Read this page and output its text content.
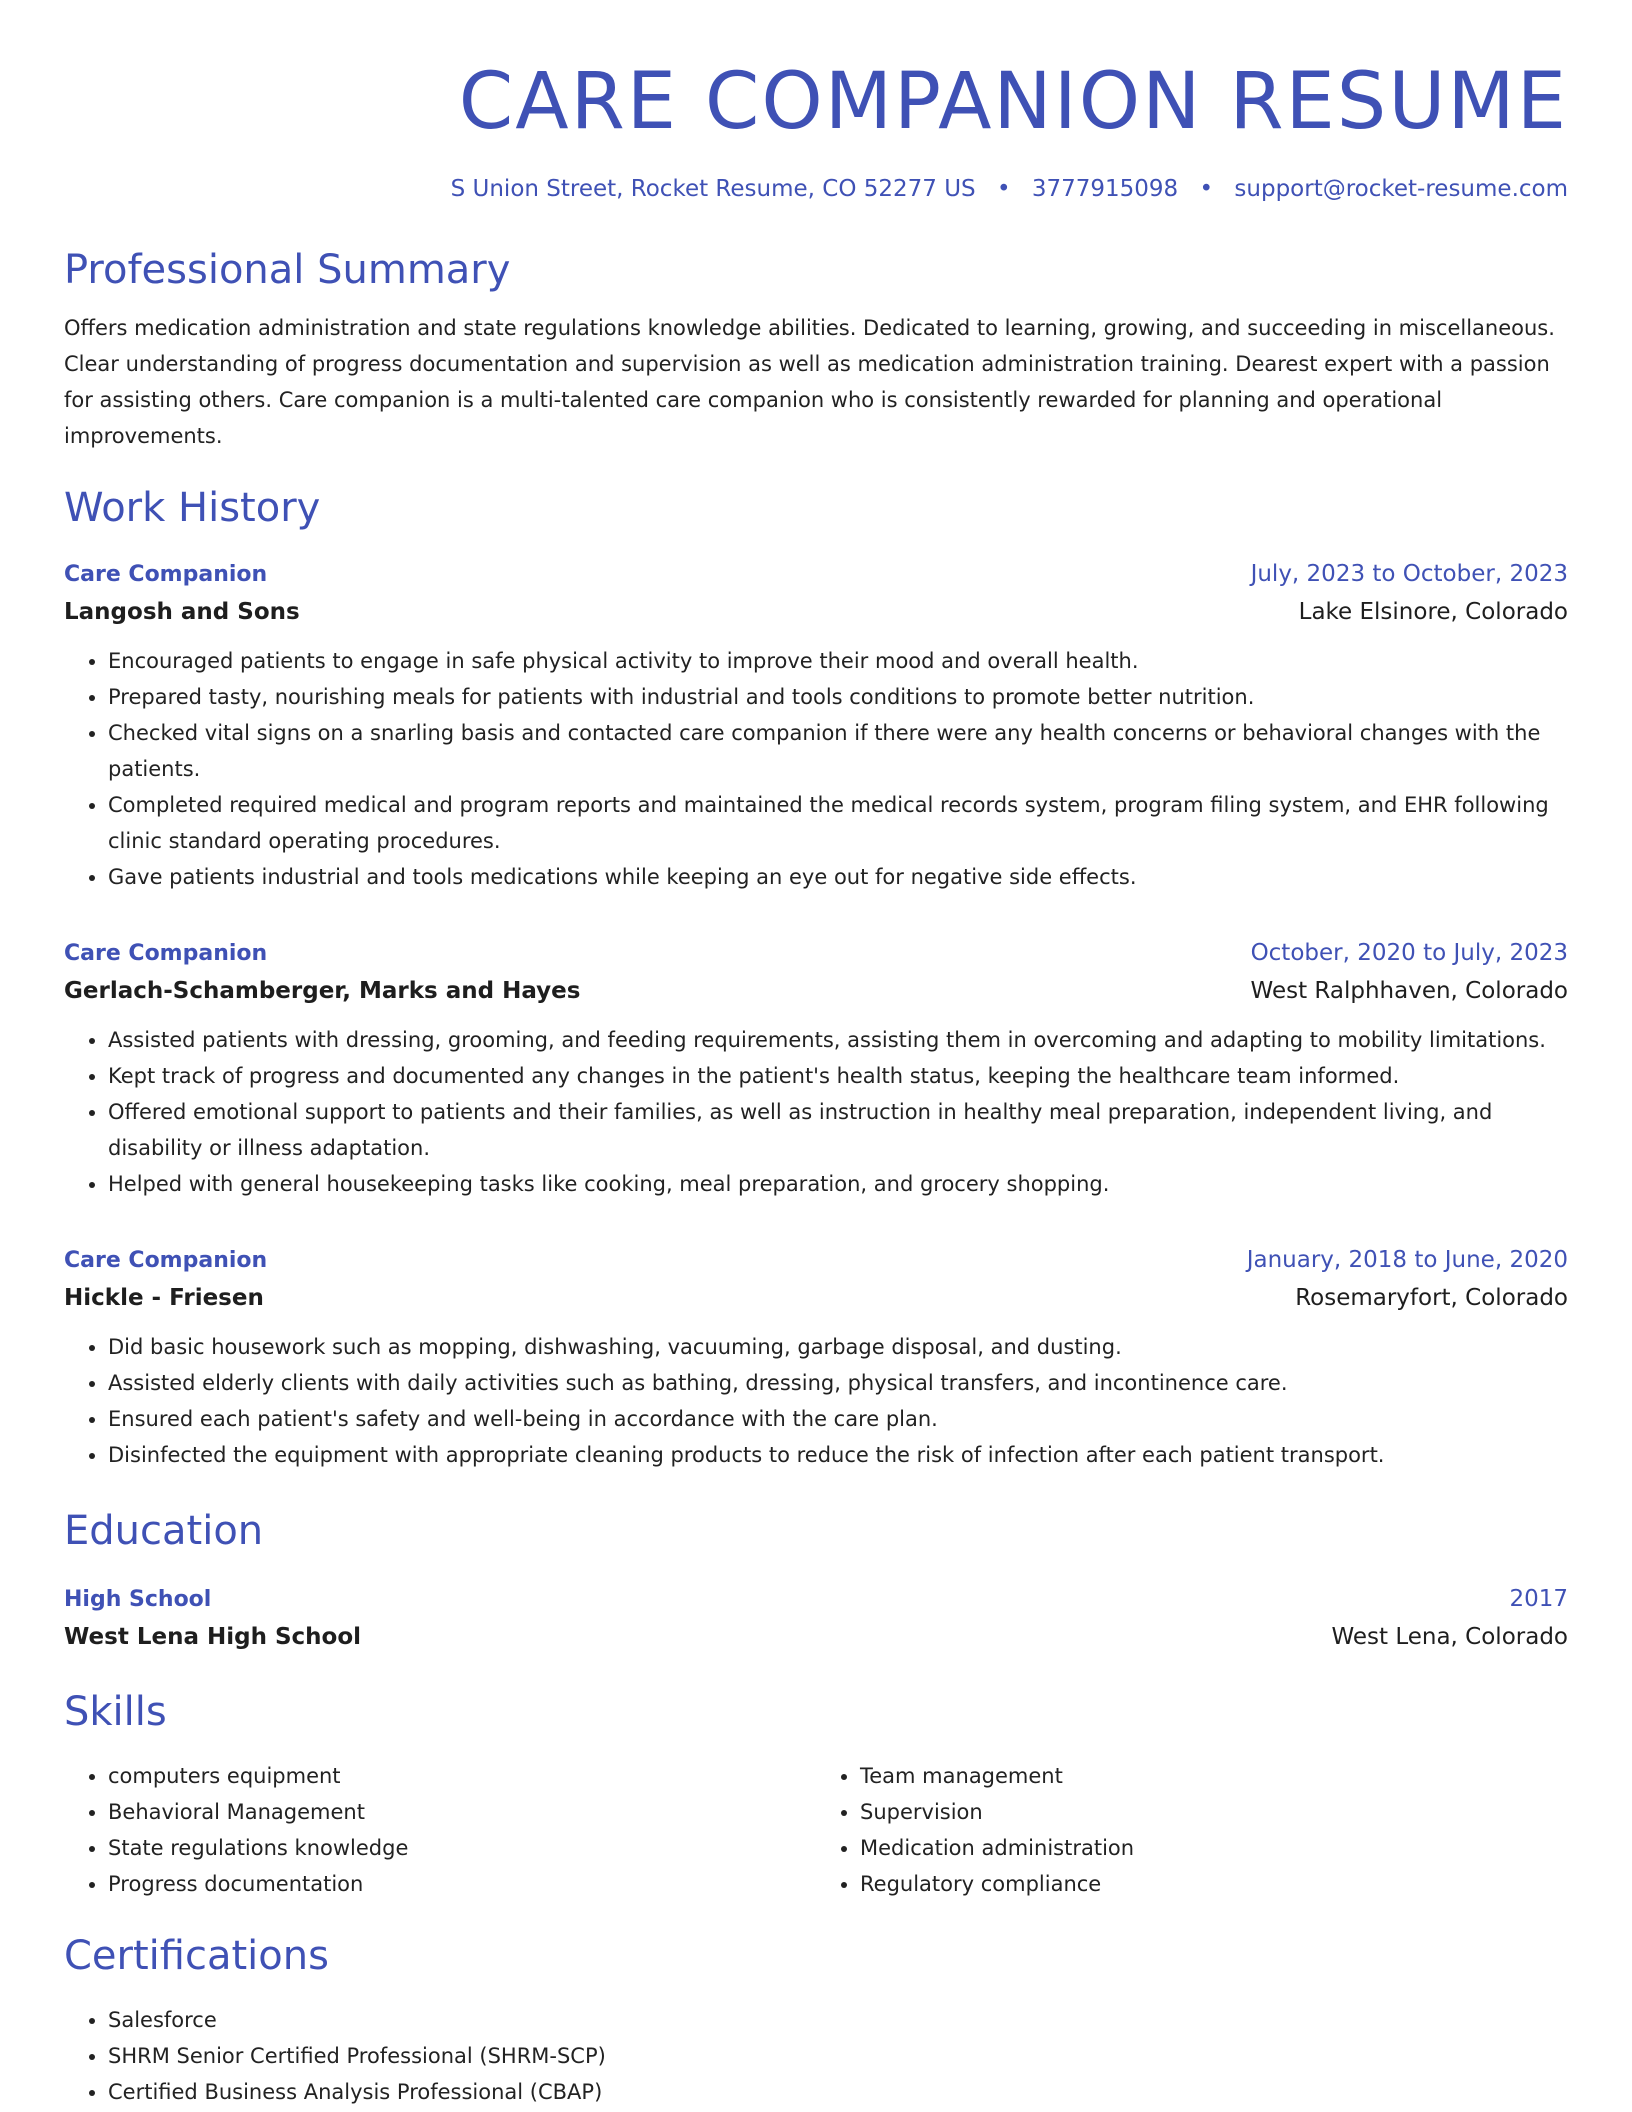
CARE COMPANION RESUME
S Union Street, Rocket Resume, CO 52277 US • 3777915098 • support@rocket-resume.com
Professional Summary
Offers medication administration and state regulations knowledge abilities. Dedicated to learning, growing, and succeeding in miscellaneous. Clear understanding of progress documentation and supervision as well as medication administration training. Dearest expert with a passion for assisting others. Care companion is a multi-talented care companion who is consistently rewarded for planning and operational improvements.
Work History
Care Companion	July, 2023 to October, 2023
Langosh and Sons	Lake Elsinore, Colorado
• Encouraged patients to engage in safe physical activity to improve their mood and overall health.
• Prepared tasty, nourishing meals for patients with industrial and tools conditions to promote better nutrition.
• Checked vital signs on a snarling basis and contacted care companion if there were any health concerns or behavioral changes with the patients.
• Completed required medical and program reports and maintained the medical records system, program filing system, and EHR following clinic standard operating procedures.
• Gave patients industrial and tools medications while keeping an eye out for negative side effects.
Care Companion	October, 2020 to July, 2023
Gerlach-Schamberger, Marks and Hayes	West Ralphhaven, Colorado
• Assisted patients with dressing, grooming, and feeding requirements, assisting them in overcoming and adapting to mobility limitations.
• Kept track of progress and documented any changes in the patient's health status, keeping the healthcare team informed.
• Offered emotional support to patients and their families, as well as instruction in healthy meal preparation, independent living, and disability or illness adaptation.
• Helped with general housekeeping tasks like cooking, meal preparation, and grocery shopping.
Care Companion	January, 2018 to June, 2020
Hickle - Friesen	Rosemaryfort, Colorado
• Did basic housework such as mopping, dishwashing, vacuuming, garbage disposal, and dusting.
• Assisted elderly clients with daily activities such as bathing, dressing, physical transfers, and incontinence care.
• Ensured each patient's safety and well-being in accordance with the care plan.
• Disinfected the equipment with appropriate cleaning products to reduce the risk of infection after each patient transport.
Education
High School	2017
West Lena High School	West Lena, Colorado
Skills
• computers equipment
• Behavioral Management
• State regulations knowledge
• Progress documentation
• Team management
• Supervision
• Medication administration
• Regulatory compliance
Certifications
• Salesforce
• SHRM Senior Certified Professional (SHRM-SCP)
• Certified Business Analysis Professional (CBAP)
